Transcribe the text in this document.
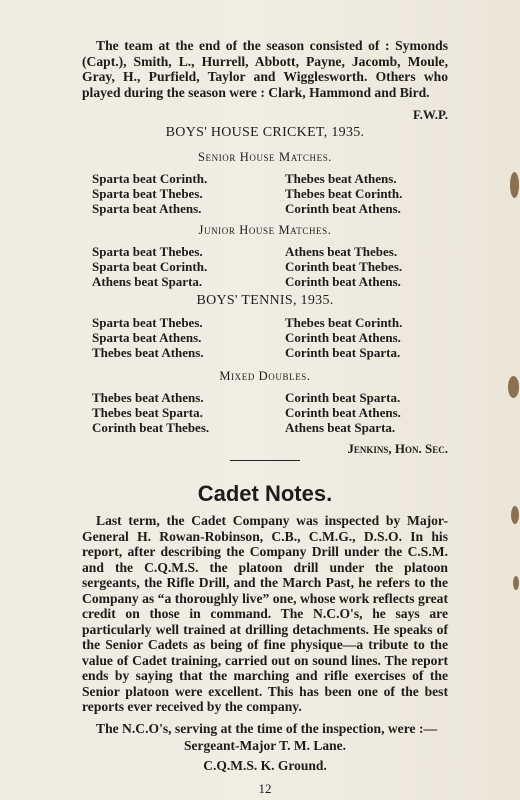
The team at the end of the season consisted of : Symonds (Capt.), Smith, L., Hurrell, Abbott, Payne, Jacomb, Moule, Gray, H., Purfield, Taylor and Wigglesworth. Others who played during the season were : Clark, Hammond and Bird.

F.W.P.

BOYS' HOUSE CRICKET, 1935.

Senior House Matches.

Sparta beat Corinth.
Sparta beat Thebes.
Sparta beat Athens.
Thebes beat Athens.
Thebes beat Corinth.
Corinth beat Athens.

Junior House Matches.

Sparta beat Thebes.
Sparta beat Corinth.
Athens beat Sparta.
Athens beat Thebes.
Corinth beat Thebes.
Corinth beat Athens.

BOYS' TENNIS, 1935.

Sparta beat Thebes.
Sparta beat Athens.
Thebes beat Athens.
Thebes beat Corinth.
Corinth beat Athens.
Corinth beat Sparta.

Mixed Doubles.

Thebes beat Athens.
Thebes beat Sparta.
Corinth beat Thebes.
Corinth beat Sparta.
Corinth beat Athens.
Athens beat Sparta.

Jenkins, Hon. Sec.

Cadet Notes.

Last term, the Cadet Company was inspected by Major-General H. Rowan-Robinson, C.B., C.M.G., D.S.O. In his report, after describing the Company Drill under the C.S.M. and the C.Q.M.S. the platoon drill under the platoon sergeants, the Rifle Drill, and the March Past, he refers to the Company as “a thoroughly live” one, whose work reflects great credit on those in command. The N.C.O's, he says are particularly well trained at drilling detachments. He speaks of the Senior Cadets as being of fine physique—a tribute to the value of Cadet training, carried out on sound lines. The report ends by saying that the marching and rifle exercises of the Senior platoon were excellent. This has been one of the best reports ever received by the company.

The N.C.O's, serving at the time of the inspection, were :—

Sergeant-Major T. M. Lane.

C.Q.M.S. K. Ground.

12
